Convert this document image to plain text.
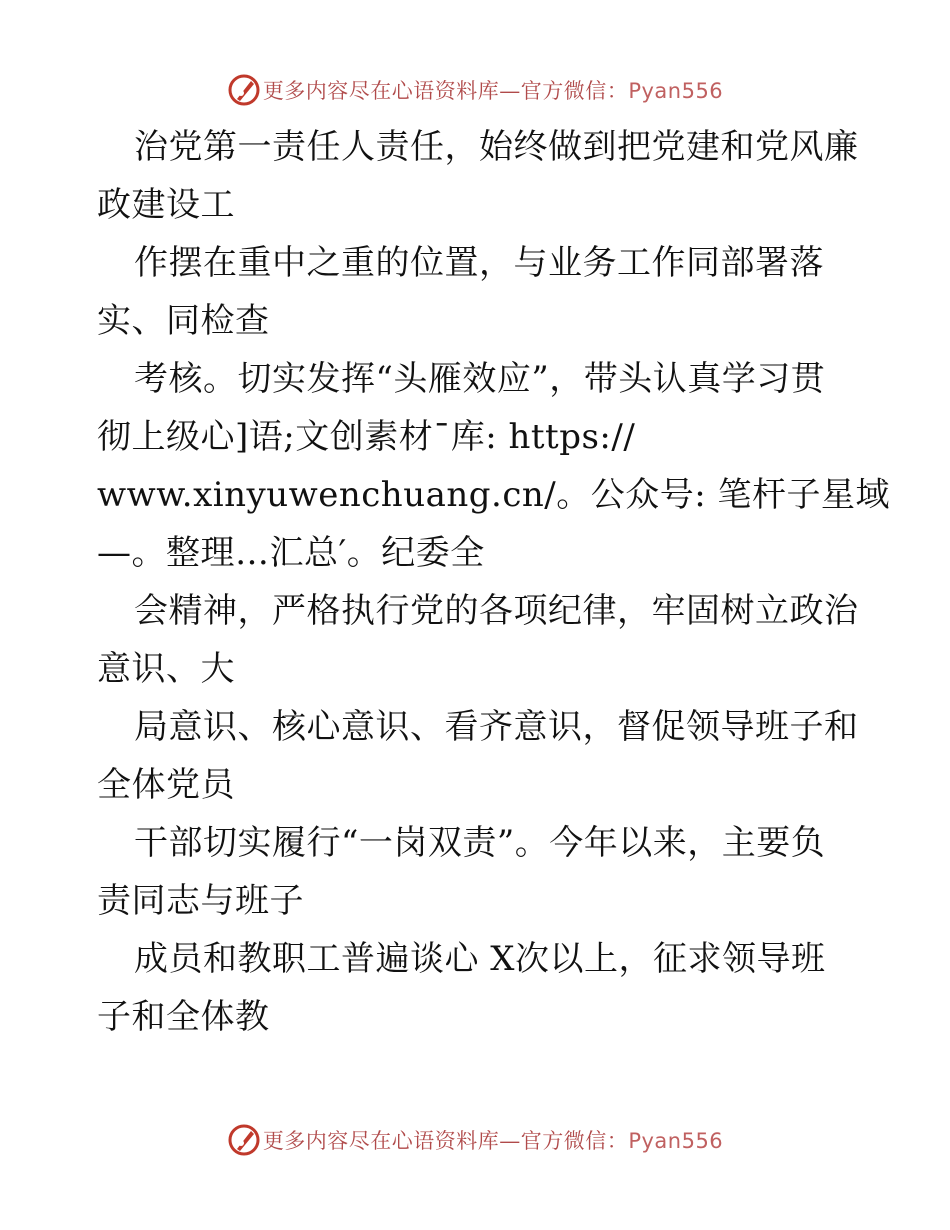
更多内容尽在心语资料库—官方微信：Pyan556
治党第一责任人责任，始终做到把党建和党风廉
政建设工
作摆在重中之重的位置，与业务工作同部署落
实、同检查
考核。切实发挥“头雁效应”，带头认真学习贯
彻上级心]语;文创素材¯库: https://
www.xinyuwenchuang.cn/。公众号: 笔杆子星域
—。整理…汇总′。纪委全
会精神，严格执行党的各项纪律，牢固树立政治
意识、大
局意识、核心意识、看齐意识，督促领导班子和
全体党员
干部切实履行“一岗双责”。今年以来，主要负
责同志与班子
成员和教职工普遍谈心 X次以上，征求领导班
子和全体教
更多内容尽在心语资料库—官方微信：Pyan556
